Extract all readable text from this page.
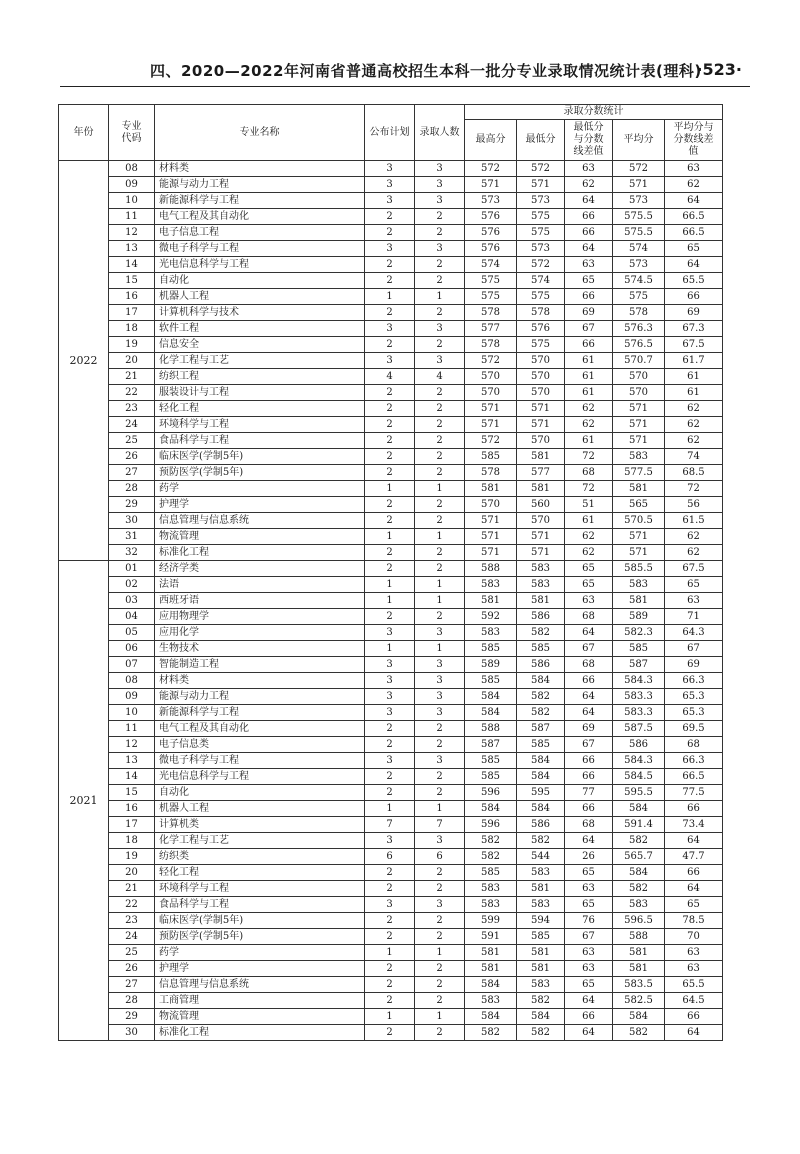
四、2020—2022年河南省普通高校招生本科一批分专业录取情况统计表(理科)
·523·
年份	专业代码	专业名称	公布计划	录取人数	录取分数统计				
					最高分	最低分	最低分与分数线差值	平均分	平均分与分数线差值

2022	08	材料类	3	3	572	572	63	572	63
	09	能源与动力工程	3	3	571	571	62	571	62
	10	新能源科学与工程	3	3	573	573	64	573	64
	11	电气工程及其自动化	2	2	576	575	66	575.5	66.5
	12	电子信息工程	2	2	576	575	66	575.5	66.5
	13	微电子科学与工程	3	3	576	573	64	574	65
	14	光电信息科学与工程	2	2	574	572	63	573	64
	15	自动化	2	2	575	574	65	574.5	65.5
	16	机器人工程	1	1	575	575	66	575	66
	17	计算机科学与技术	2	2	578	578	69	578	69
	18	软件工程	3	3	577	576	67	576.3	67.3
	19	信息安全	2	2	578	575	66	576.5	67.5
	20	化学工程与工艺	3	3	572	570	61	570.7	61.7
	21	纺织工程	4	4	570	570	61	570	61
	22	服装设计与工程	2	2	570	570	61	570	61
	23	轻化工程	2	2	571	571	62	571	62
	24	环境科学与工程	2	2	571	571	62	571	62
	25	食品科学与工程	2	2	572	570	61	571	62
	26	临床医学(学制5年)	2	2	585	581	72	583	74
	27	预防医学(学制5年)	2	2	578	577	68	577.5	68.5
	28	药学	1	1	581	581	72	581	72
	29	护理学	2	2	570	560	51	565	56
	30	信息管理与信息系统	2	2	571	570	61	570.5	61.5
	31	物流管理	1	1	571	571	62	571	62
	32	标准化工程	2	2	571	571	62	571	62
2021	01	经济学类	2	2	588	583	65	585.5	67.5
	02	法语	1	1	583	583	65	583	65
	03	西班牙语	1	1	581	581	63	581	63
	04	应用物理学	2	2	592	586	68	589	71
	05	应用化学	3	3	583	582	64	582.3	64.3
	06	生物技术	1	1	585	585	67	585	67
	07	智能制造工程	3	3	589	586	68	587	69
	08	材料类	3	3	585	584	66	584.3	66.3
	09	能源与动力工程	3	3	584	582	64	583.3	65.3
	10	新能源科学与工程	3	3	584	582	64	583.3	65.3
	11	电气工程及其自动化	2	2	588	587	69	587.5	69.5
	12	电子信息类	2	2	587	585	67	586	68
	13	微电子科学与工程	3	3	585	584	66	584.3	66.3
	14	光电信息科学与工程	2	2	585	584	66	584.5	66.5
	15	自动化	2	2	596	595	77	595.5	77.5
	16	机器人工程	1	1	584	584	66	584	66
	17	计算机类	7	7	596	586	68	591.4	73.4
	18	化学工程与工艺	3	3	582	582	64	582	64
	19	纺织类	6	6	582	544	26	565.7	47.7
	20	轻化工程	2	2	585	583	65	584	66
	21	环境科学与工程	2	2	583	581	63	582	64
	22	食品科学与工程	3	3	583	583	65	583	65
	23	临床医学(学制5年)	2	2	599	594	76	596.5	78.5
	24	预防医学(学制5年)	2	2	591	585	67	588	70
	25	药学	1	1	581	581	63	581	63
	26	护理学	2	2	581	581	63	581	63
	27	信息管理与信息系统	2	2	584	583	65	583.5	65.5
	28	工商管理	2	2	583	582	64	582.5	64.5
	29	物流管理	1	1	584	584	66	584	66
	30	标准化工程	2	2	582	582	64	582	64
